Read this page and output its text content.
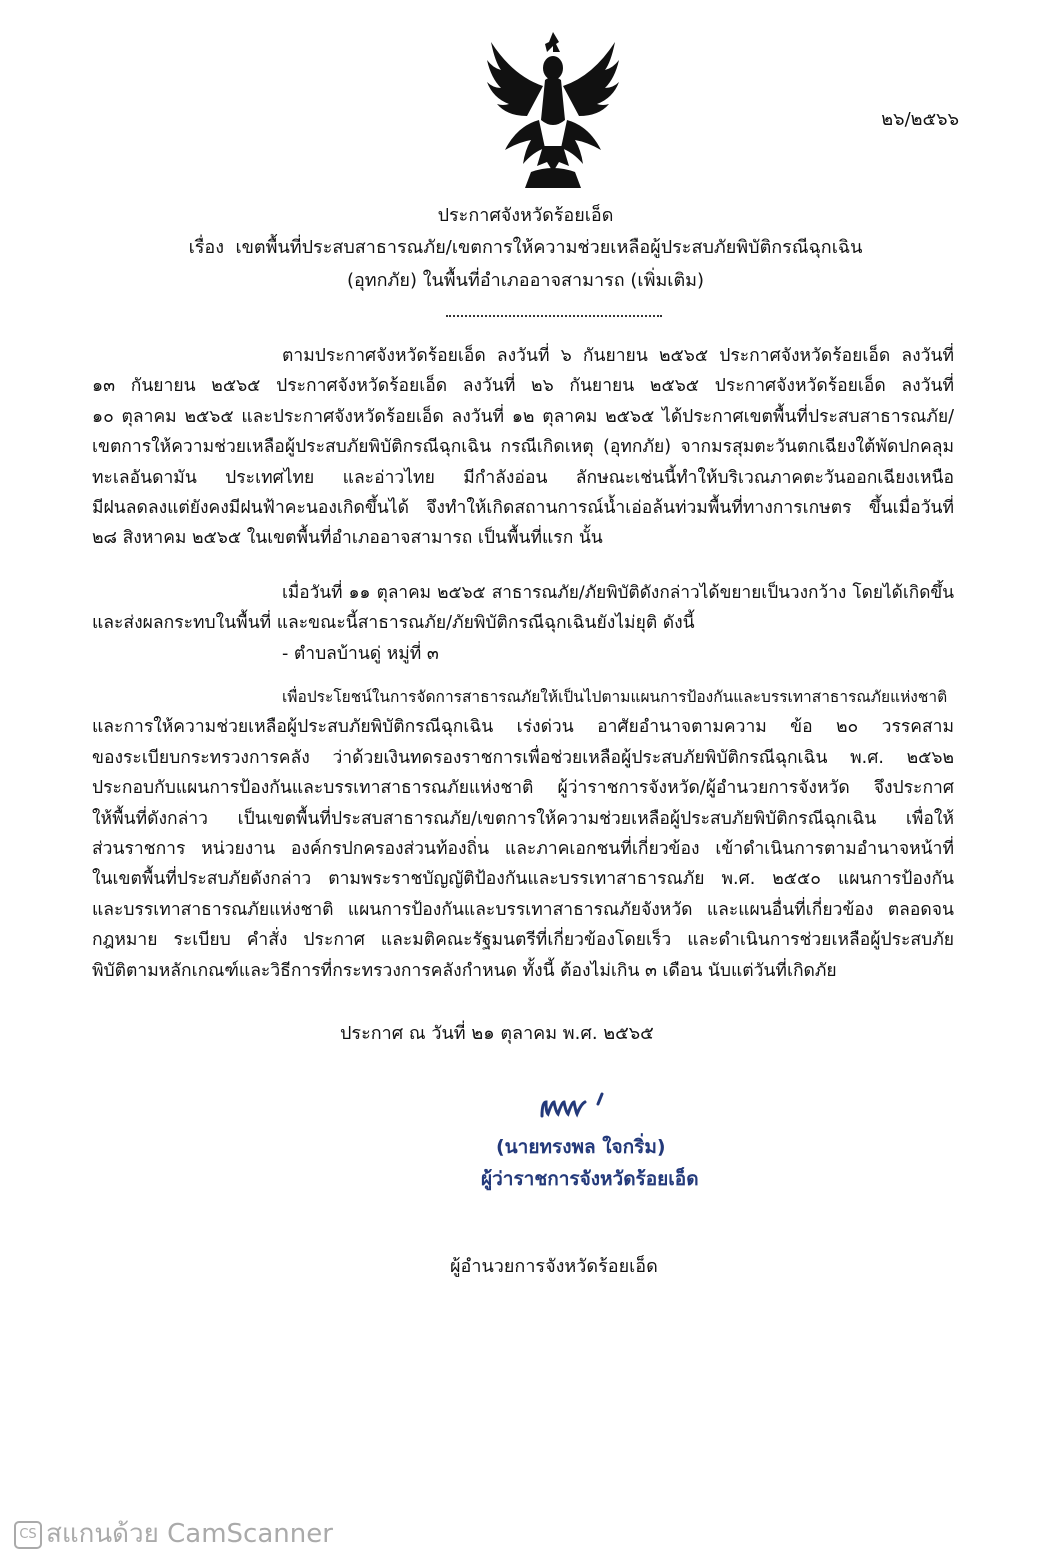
๒๖/๒๕๖๖
ประกาศจังหวัดร้อยเอ็ด
เรื่อง เขตพื้นที่ประสบสาธารณภัย/เขตการให้ความช่วยเหลือผู้ประสบภัยพิบัติกรณีฉุกเฉิน
(อุทกภัย) ในพื้นที่อำเภออาจสามารถ (เพิ่มเติม)
ตามประกาศจังหวัดร้อยเอ็ด ลงวันที่ ๖ กันยายน ๒๕๖๕ ประกาศจังหวัดร้อยเอ็ด ลงวันที่
๑๓ กันยายน ๒๕๖๕ ประกาศจังหวัดร้อยเอ็ด ลงวันที่ ๒๖ กันยายน ๒๕๖๕ ประกาศจังหวัดร้อยเอ็ด ลงวันที่
๑๐ ตุลาคม ๒๕๖๕ และประกาศจังหวัดร้อยเอ็ด ลงวันที่ ๑๒ ตุลาคม ๒๕๖๕ ได้ประกาศเขตพื้นที่ประสบสาธารณภัย/
เขตการให้ความช่วยเหลือผู้ประสบภัยพิบัติกรณีฉุกเฉิน กรณีเกิดเหตุ (อุทกภัย) จากมรสุมตะวันตกเฉียงใต้พัดปกคลุม
ทะเลอันดามัน ประเทศไทย และอ่าวไทย มีกำลังอ่อน ลักษณะเช่นนี้ทำให้บริเวณภาคตะวันออกเฉียงเหนือ
มีฝนลดลงแต่ยังคงมีฝนฟ้าคะนองเกิดขึ้นได้ จึงทำให้เกิดสถานการณ์น้ำเอ่อล้นท่วมพื้นที่ทางการเกษตร ขึ้นเมื่อวันที่
๒๘ สิงหาคม ๒๕๖๕ ในเขตพื้นที่อำเภออาจสามารถ เป็นพื้นที่แรก นั้น
เมื่อวันที่ ๑๑ ตุลาคม ๒๕๖๕ สาธารณภัย/ภัยพิบัติดังกล่าวได้ขยายเป็นวงกว้าง โดยได้เกิดขึ้น
และส่งผลกระทบในพื้นที่ และขณะนี้สาธารณภัย/ภัยพิบัติกรณีฉุกเฉินยังไม่ยุติ ดังนี้
- ตำบลบ้านดู่ หมู่ที่ ๓
เพื่อประโยชน์ในการจัดการสาธารณภัยให้เป็นไปตามแผนการป้องกันและบรรเทาสาธารณภัยแห่งชาติ
และการให้ความช่วยเหลือผู้ประสบภัยพิบัติกรณีฉุกเฉิน เร่งด่วน อาศัยอำนาจตามความ ข้อ ๒๐ วรรคสาม
ของระเบียบกระทรวงการคลัง ว่าด้วยเงินทดรองราชการเพื่อช่วยเหลือผู้ประสบภัยพิบัติกรณีฉุกเฉิน พ.ศ. ๒๕๖๒
ประกอบกับแผนการป้องกันและบรรเทาสาธารณภัยแห่งชาติ ผู้ว่าราชการจังหวัด/ผู้อำนวยการจังหวัด จึงประกาศ
ให้พื้นที่ดังกล่าว เป็นเขตพื้นที่ประสบสาธารณภัย/เขตการให้ความช่วยเหลือผู้ประสบภัยพิบัติกรณีฉุกเฉิน เพื่อให้
ส่วนราชการ หน่วยงาน องค์กรปกครองส่วนท้องถิ่น และภาคเอกชนที่เกี่ยวข้อง เข้าดำเนินการตามอำนาจหน้าที่
ในเขตพื้นที่ประสบภัยดังกล่าว ตามพระราชบัญญัติป้องกันและบรรเทาสาธารณภัย พ.ศ. ๒๕๕๐ แผนการป้องกัน
และบรรเทาสาธารณภัยแห่งชาติ แผนการป้องกันและบรรเทาสาธารณภัยจังหวัด และแผนอื่นที่เกี่ยวข้อง ตลอดจน
กฎหมาย ระเบียบ คำสั่ง ประกาศ และมติคณะรัฐมนตรีที่เกี่ยวข้องโดยเร็ว และดำเนินการช่วยเหลือผู้ประสบภัย
พิบัติตามหลักเกณฑ์และวิธีการที่กระทรวงการคลังกำหนด ทั้งนี้ ต้องไม่เกิน ๓ เดือน นับแต่วันที่เกิดภัย
ประกาศ ณ วันที่ ๒๑ ตุลาคม พ.ศ. ๒๕๖๕
(นายทรงพล ใจกริ่ม)
ผู้ว่าราชการจังหวัดร้อยเอ็ด
ผู้อำนวยการจังหวัดร้อยเอ็ด
CS สแกนด้วย CamScanner
